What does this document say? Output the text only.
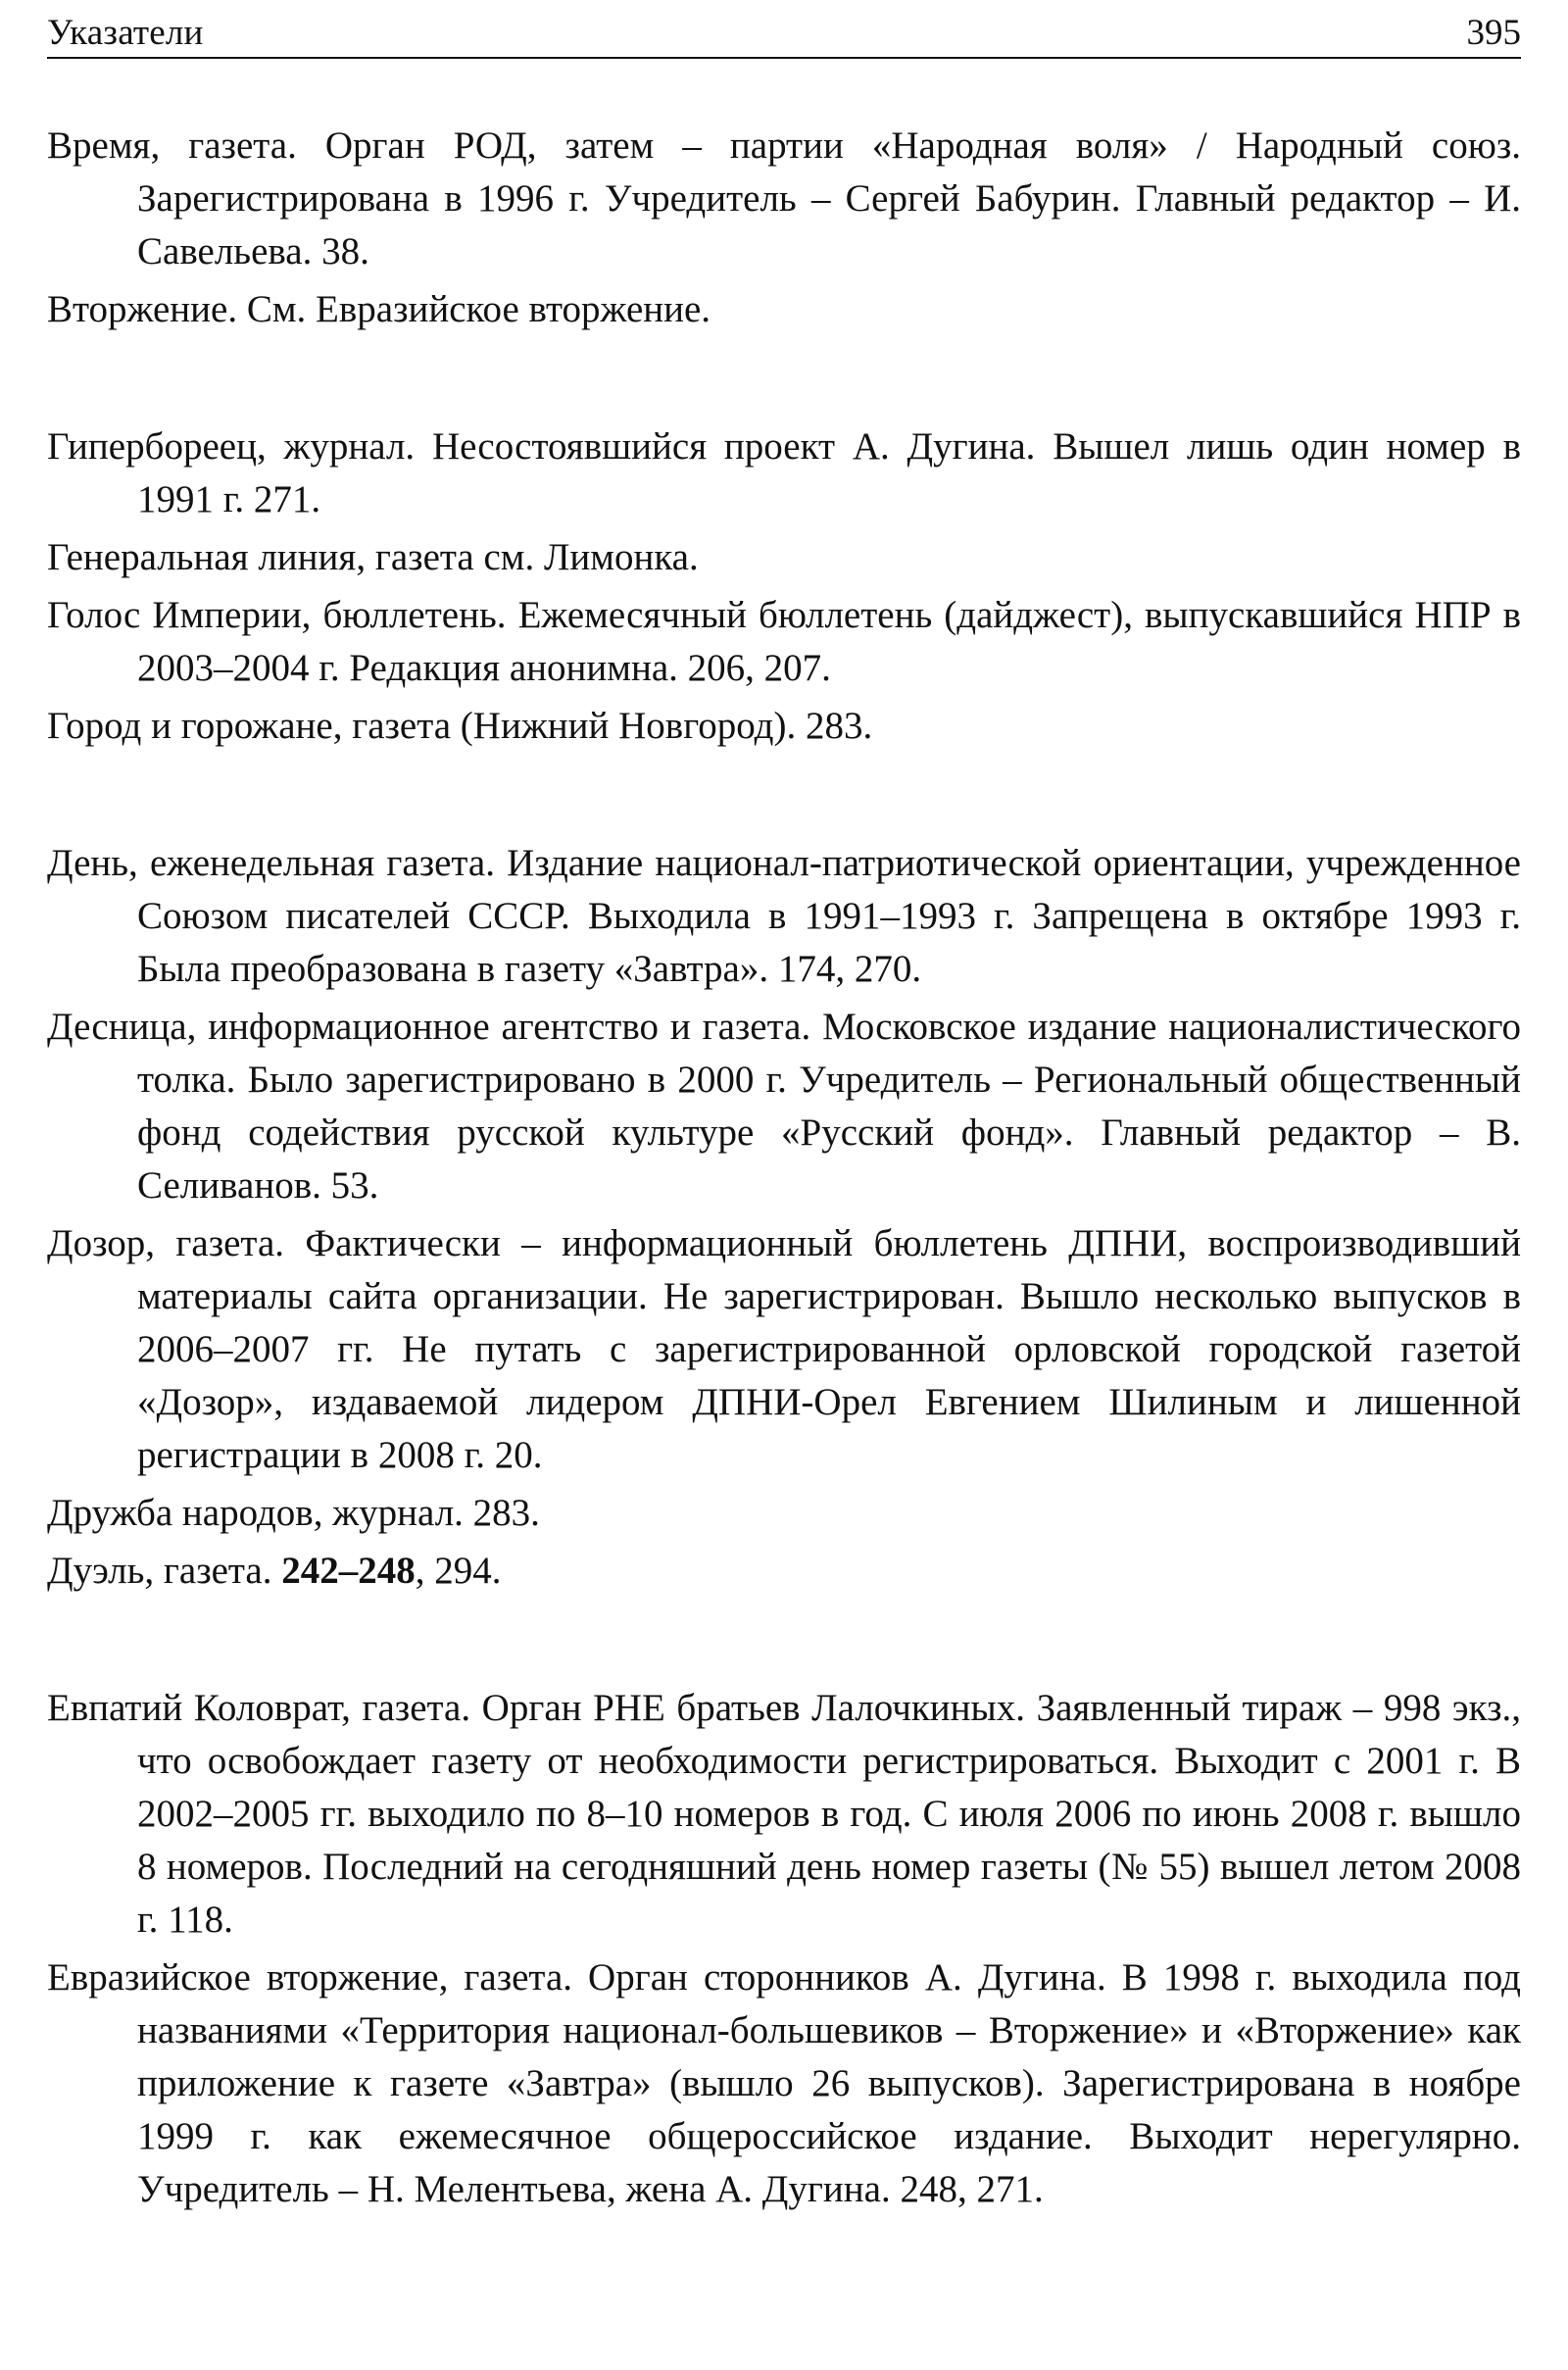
Указатели	395

Время, газета. Орган РОД, затем – партии «Народная воля» / Народный союз. Зарегистрирована в 1996 г. Учредитель – Сергей Бабурин. Главный редактор – И. Савельева. 38.

Вторжение. См. Евразийское вторжение.

Гипербореец, журнал. Несостоявшийся проект А. Дугина. Вышел лишь один номер в 1991 г. 271.

Генеральная линия, газета см. Лимонка.

Голос Империи, бюллетень. Ежемесячный бюллетень (дайджест), выпускавшийся НПР в 2003–2004 г. Редакция анонимна. 206, 207.

Город и горожане, газета (Нижний Новгород). 283.

День, еженедельная газета. Издание национал-патриотической ориентации, учрежденное Союзом писателей СССР. Выходила в 1991–1993 г. Запрещена в октябре 1993 г. Была преобразована в газету «Завтра». 174, 270.

Десница, информационное агентство и газета. Московское издание националистического толка. Было зарегистрировано в 2000 г. Учредитель – Региональный общественный фонд содействия русской культуре «Русский фонд». Главный редактор – В. Селиванов. 53.

Дозор, газета. Фактически – информационный бюллетень ДПНИ, воспроизводивший материалы сайта организации. Не зарегистрирован. Вышло несколько выпусков в 2006–2007 гг. Не путать с зарегистрированной орловской городской газетой «Дозор», издаваемой лидером ДПНИ-Орел Евгением Шилиным и лишенной регистрации в 2008 г. 20.

Дружба народов, журнал. 283.

Дуэль, газета. 242–248, 294.

Евпатий Коловрат, газета. Орган РНЕ братьев Лалочкиных. Заявленный тираж – 998 экз., что освобождает газету от необходимости регистрироваться. Выходит с 2001 г. В 2002–2005 гг. выходило по 8–10 номеров в год. С июля 2006 по июнь 2008 г. вышло 8 номеров. Последний на сегодняшний день номер газеты (№ 55) вышел летом 2008 г. 118.

Евразийское вторжение, газета. Орган сторонников А. Дугина. В 1998 г. выходила под названиями «Территория национал-большевиков – Вторжение» и «Вторжение» как приложение к газете «Завтра» (вышло 26 выпусков). Зарегистрирована в ноябре 1999 г. как ежемесячное общероссийское издание. Выходит нерегулярно. Учредитель – Н. Мелентьева, жена А. Дугина. 248, 271.
